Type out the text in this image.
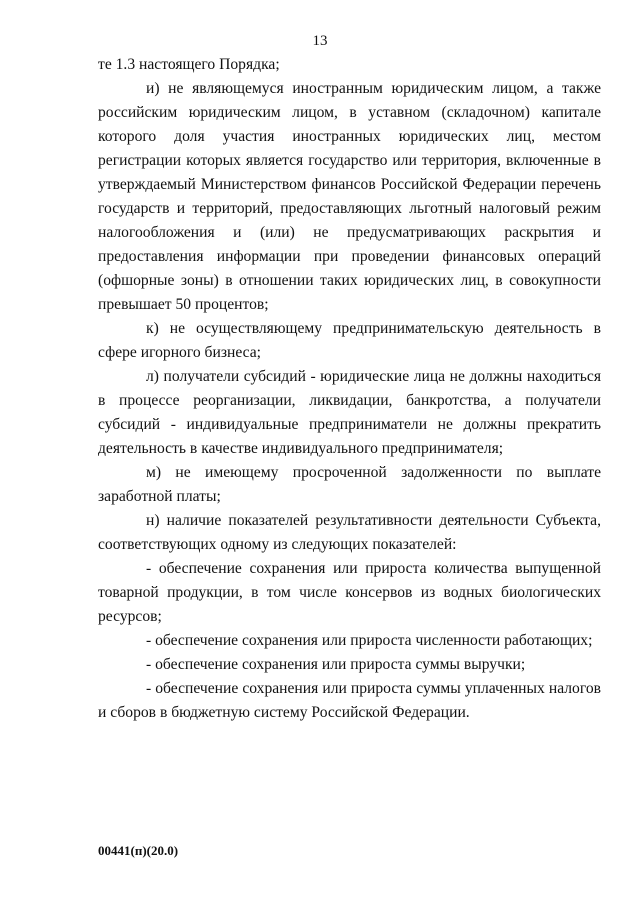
13

те 1.3 настоящего Порядка;

и) не являющемуся иностранным юридическим лицом, а также российским юридическим лицом, в уставном (складочном) капитале которого доля участия иностранных юридических лиц, местом регистрации которых является государство или территория, включенные в утверждаемый Министерством финансов Российской Федерации перечень государств и территорий, предоставляющих льготный налоговый режим налогообложения и (или) не предусматривающих раскрытия и предоставления информации при проведении финансовых операций (офшорные зоны) в отношении таких юридических лиц, в совокупности превышает 50 процентов;

к) не осуществляющему предпринимательскую деятельность в сфере игорного бизнеса;

л) получатели субсидий - юридические лица не должны находиться в процессе реорганизации, ликвидации, банкротства, а получатели субсидий - индивидуальные предприниматели не должны прекратить деятельность в качестве индивидуального предпринимателя;

м) не имеющему просроченной задолженности по выплате заработной платы;

н) наличие показателей результативности деятельности Субъекта, соответствующих одному из следующих показателей:

- обеспечение сохранения или прироста количества выпущенной товарной продукции, в том числе консервов из водных биологических ресурсов;

- обеспечение сохранения или прироста численности работающих;

- обеспечение сохранения или прироста суммы выручки;

- обеспечение сохранения или прироста суммы уплаченных налогов и сборов в бюджетную систему Российской Федерации.

00441(п)(20.0)
